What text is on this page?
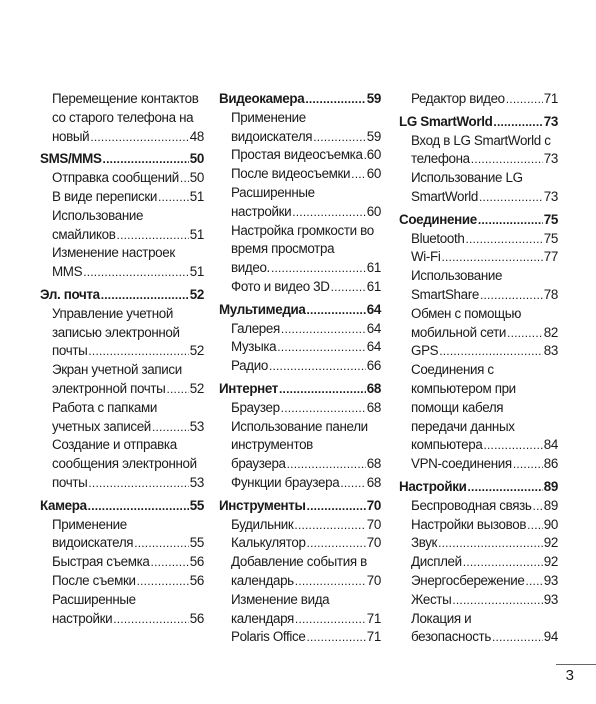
Перемещение контактов
со старого телефона на
новый .....	48
SMS/MMS .....	50
Отправка сообщений ..... 50
В виде переписки ..... 51
Использование
смайликов .....	51
Изменение настроек
MMS .....	51
Эл. почта .....	52
Управление учетной
записью электронной
почты .....	52
Экран учетной записи
электронной почты ..... 52
Работа с папками
учетных записей .....	53
Создание и отправка
сообщения электронной
почты .....	53
Камера .....	55
Применение
видоискателя .....	55
Быстрая съемка .....	56
После съемки .....	56
Расширенные
настройки .....	56
Видеокамера .....	59
Применение
видоискателя .....	59
Простая видеосъемка ..... 60
После видеосъемки ..... 60
Расширенные
настройки .....	60
Настройка громкости во
время просмотра
видео. .....	61
Фото и видео 3D .....	61
Мультимедиа .....	64
Галерея .....	64
Музыка .....	64
Радио .....	66
Интернет .....	68
Браузер .....	68
Использование панели
инструментов
браузера .....	68
Функции браузера ..... 68
Инструменты .....	70
Будильник .....	70
Калькулятор .....	70
Добавление события в
календарь .....	70
Изменение вида
календаря .....	71
Polaris Office .....	71
Редактор видео .....	71
LG SmartWorld .....	73
Вход в LG SmartWorld с
телефона .....	73
Использование LG
SmartWorld .....	73
Соединение .....	75
Bluetooth .....	75
Wi-Fi .....	77
Использование
SmartShare .....	78
Обмен с помощью
мобильной сети .....	82
GPS .....	83
Соединения с
компьютером при
помощи кабеля
передачи данных
компьютера .....	84
VPN-соединения ..... 86
Настройки .....	89
Беспроводная связь ..... 89
Настройки вызовов ..... 90
Звук .....	92
Дисплей .....	92
Энергосбережение ..... 93
Жесты .....	93
Локация и
безопасность .....	94
3
